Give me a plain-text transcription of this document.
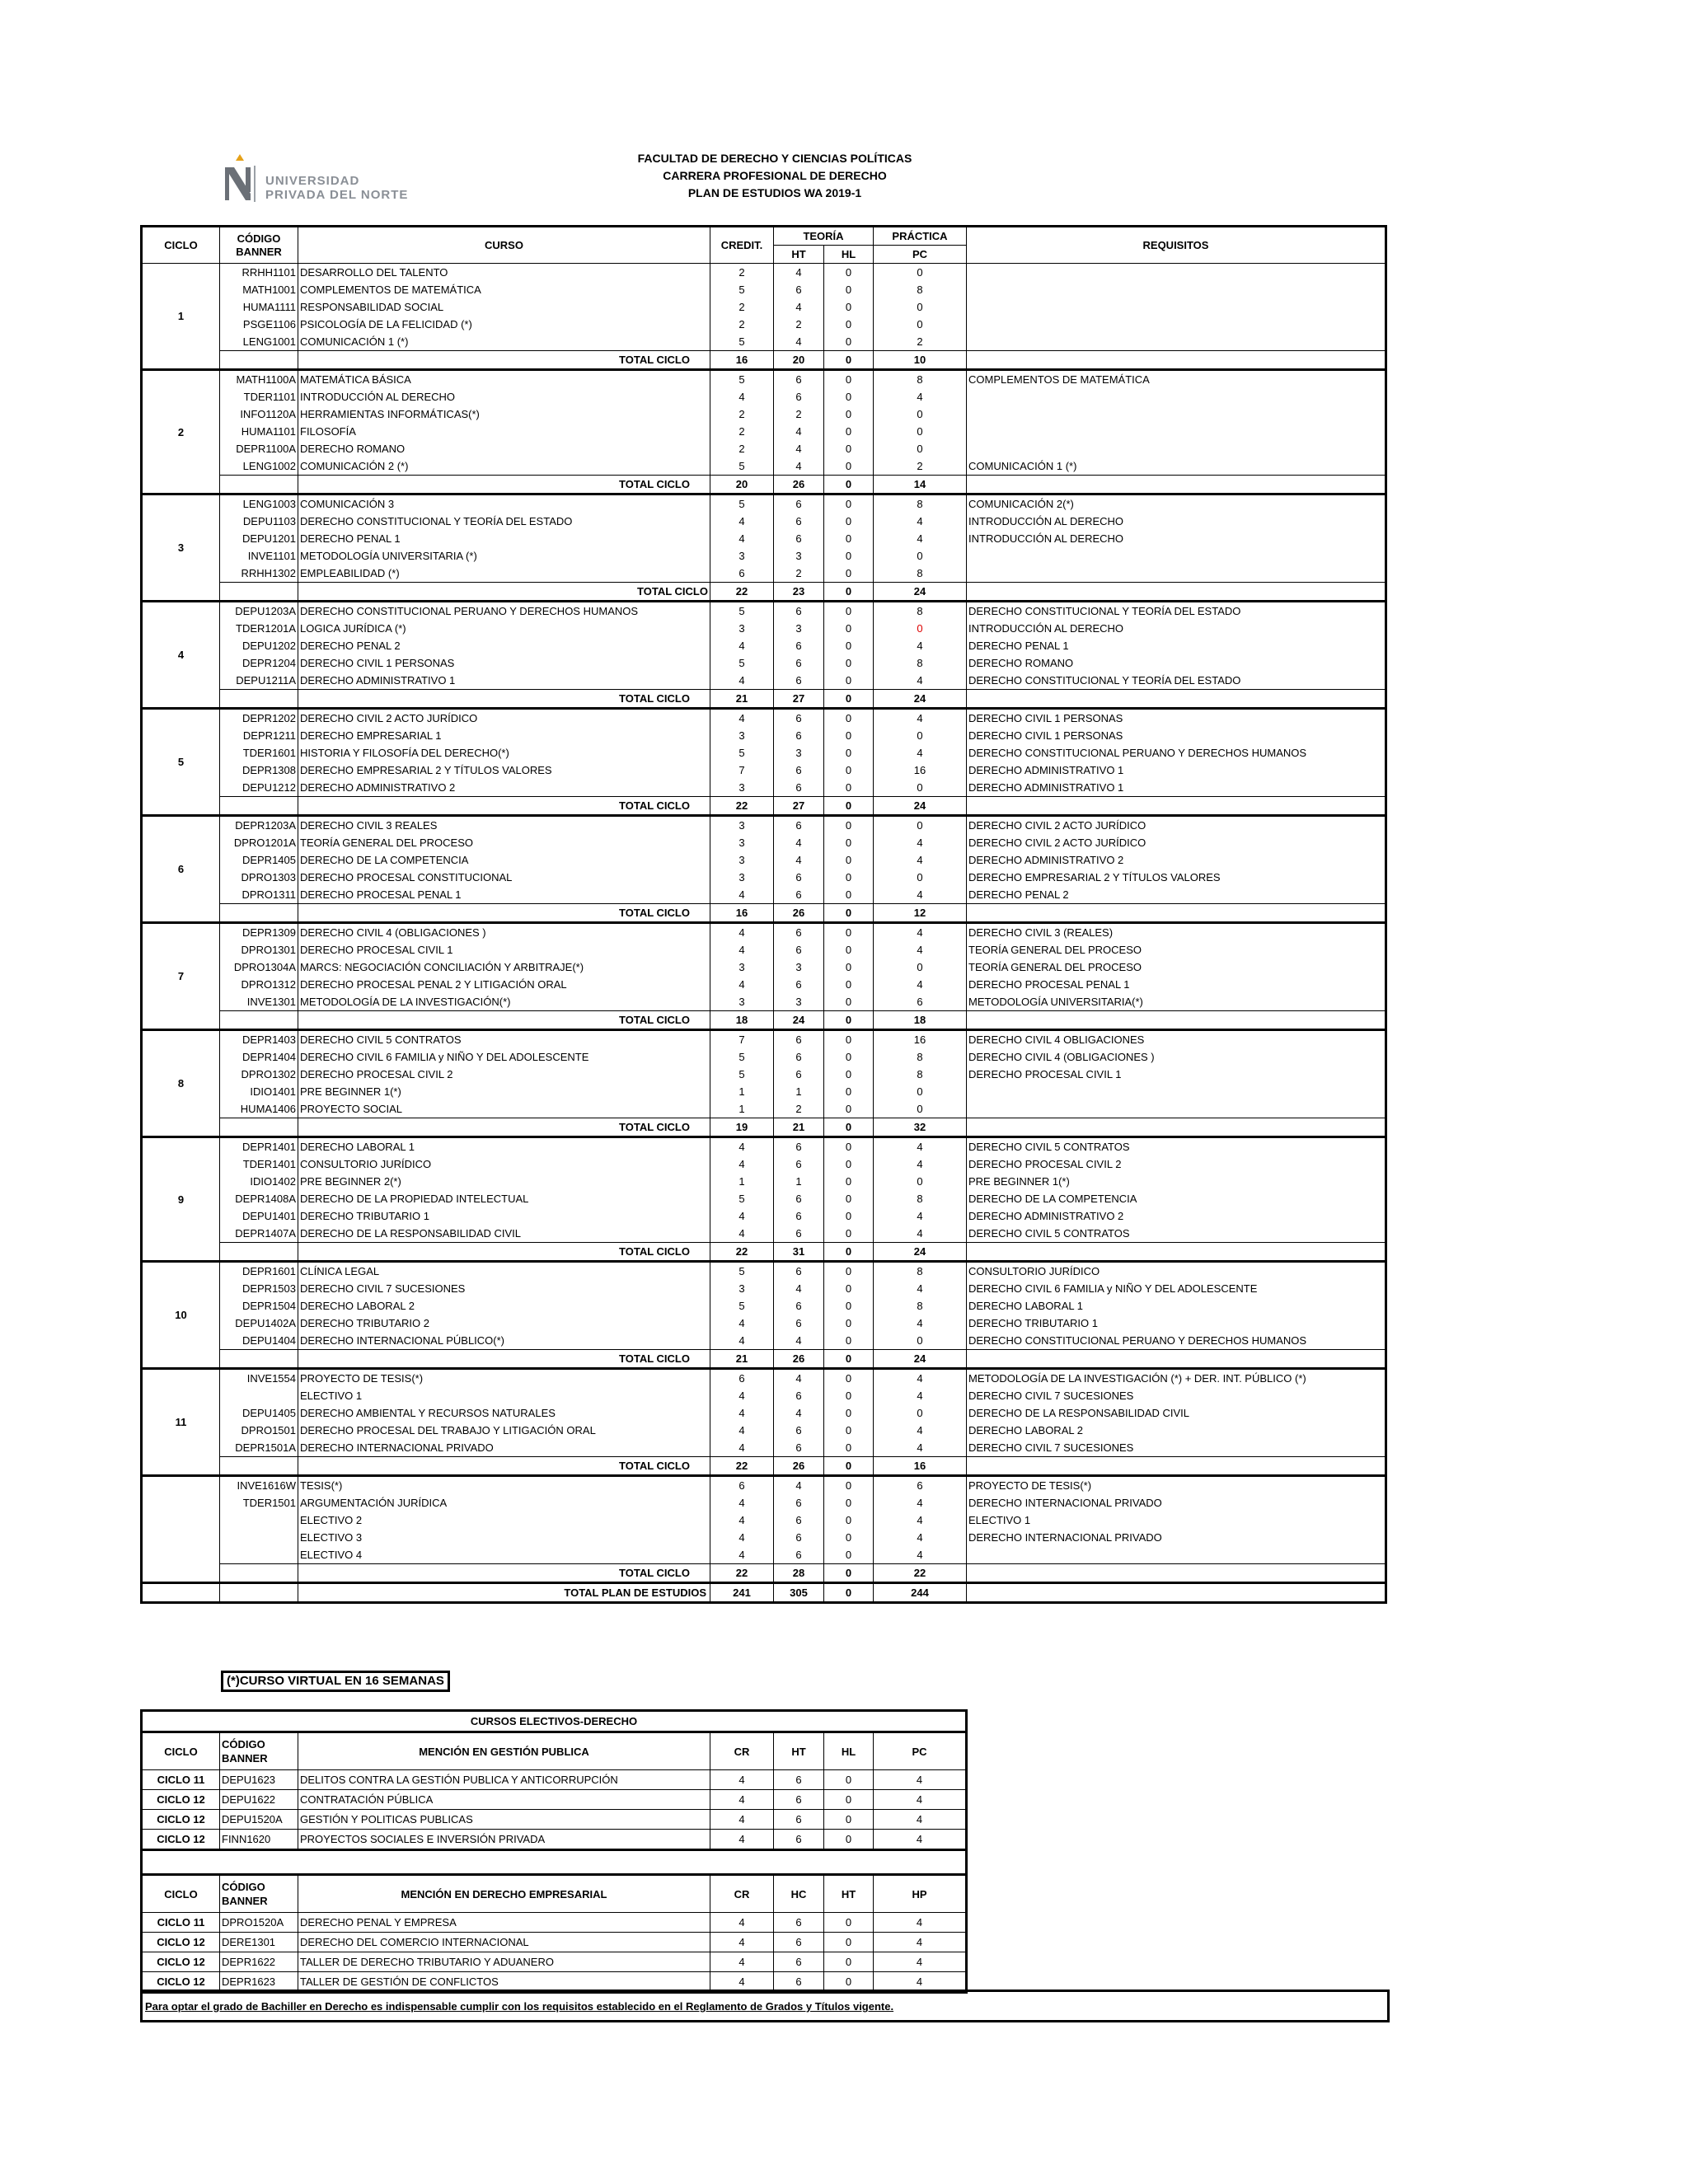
UNIVERSIDAD
PRIVADA DEL NORTE
FACULTAD DE DERECHO Y CIENCIAS POLÍTICAS
CARRERA PROFESIONAL DE DERECHO
PLAN DE ESTUDIOS WA 2019-1
CICLO	CÓDIGO BANNER	CURSO	CREDIT.	TEORÍA		PRÁCTICA	REQUISITOS
				HT	HL	PC	
1	RRHH1101	DESARROLLO DEL TALENTO	2	4	0	0	
	MATH1001	COMPLEMENTOS DE MATEMÁTICA	5	6	0	8	
	HUMA1111	RESPONSABILIDAD SOCIAL	2	4	0	0	
	PSGE1106	PSICOLOGÍA DE LA FELICIDAD (*)	2	2	0	0	
	LENG1001	COMUNICACIÓN 1 (*)	5	4	0	2	
		TOTAL CICLO	16	20	0	10	
2	MATH1100A	MATEMÁTICA BÁSICA	5	6	0	8	COMPLEMENTOS DE MATEMÁTICA
	TDER1101	INTRODUCCIÓN AL DERECHO	4	6	0	4	
	INFO1120A	HERRAMIENTAS INFORMÁTICAS(*)	2	2	0	0	
	HUMA1101	FILOSOFÍA	2	4	0	0	
	DEPR1100A	DERECHO ROMANO	2	4	0	0	
	LENG1002	COMUNICACIÓN 2 (*)	5	4	0	2	COMUNICACIÓN 1 (*)
		TOTAL CICLO	20	26	0	14	
3	LENG1003	COMUNICACIÓN 3	5	6	0	8	COMUNICACIÓN 2(*)
	DEPU1103	DERECHO CONSTITUCIONAL Y TEORÍA DEL ESTADO	4	6	0	4	INTRODUCCIÓN AL DERECHO
	DEPU1201	DERECHO PENAL 1	4	6	0	4	INTRODUCCIÓN AL DERECHO
	INVE1101	METODOLOGÍA UNIVERSITARIA (*)	3	3	0	0	
	RRHH1302	EMPLEABILIDAD (*)	6	2	0	8	
		TOTAL CICLO	22	23	0	24	
4	DEPU1203A	DERECHO CONSTITUCIONAL PERUANO Y DERECHOS HUMANOS	5	6	0	8	DERECHO CONSTITUCIONAL Y TEORÍA DEL ESTADO
	TDER1201A	LOGICA JURÍDICA (*)	3	3	0	0	INTRODUCCIÓN AL DERECHO
	DEPU1202	DERECHO PENAL 2	4	6	0	4	DERECHO PENAL 1
	DEPR1204	DERECHO CIVIL 1 PERSONAS	5	6	0	8	DERECHO ROMANO
	DEPU1211A	DERECHO ADMINISTRATIVO 1	4	6	0	4	DERECHO CONSTITUCIONAL Y TEORÍA DEL ESTADO
		TOTAL CICLO	21	27	0	24	
5	DEPR1202	DERECHO CIVIL 2 ACTO JURÍDICO	4	6	0	4	DERECHO CIVIL 1 PERSONAS
	DEPR1211	DERECHO EMPRESARIAL 1	3	6	0	0	DERECHO CIVIL 1 PERSONAS
	TDER1601	HISTORIA Y FILOSOFÍA DEL DERECHO(*)	5	3	0	4	DERECHO CONSTITUCIONAL PERUANO Y DERECHOS HUMANOS
	DEPR1308	DERECHO EMPRESARIAL 2 Y TÍTULOS VALORES	7	6	0	16	DERECHO ADMINISTRATIVO 1
	DEPU1212	DERECHO ADMINISTRATIVO 2	3	6	0	0	DERECHO ADMINISTRATIVO 1
		TOTAL CICLO	22	27	0	24	
6	DEPR1203A	DERECHO CIVIL 3 REALES	3	6	0	0	DERECHO CIVIL 2 ACTO JURÍDICO
	DPRO1201A	TEORÍA GENERAL DEL PROCESO	3	4	0	4	DERECHO CIVIL 2 ACTO JURÍDICO
	DEPR1405	DERECHO DE LA COMPETENCIA	3	4	0	4	DERECHO ADMINISTRATIVO 2
	DPRO1303	DERECHO PROCESAL CONSTITUCIONAL	3	6	0	0	DERECHO EMPRESARIAL 2 Y TÍTULOS VALORES
	DPRO1311	DERECHO PROCESAL PENAL 1	4	6	0	4	DERECHO PENAL 2
		TOTAL CICLO	16	26	0	12	
7	DEPR1309	DERECHO CIVIL 4 (OBLIGACIONES )	4	6	0	4	DERECHO CIVIL 3 (REALES)
	DPRO1301	DERECHO PROCESAL CIVIL 1	4	6	0	4	TEORÍA GENERAL DEL PROCESO
	DPRO1304A	MARCS: NEGOCIACIÓN CONCILIACIÓN Y ARBITRAJE(*)	3	3	0	0	TEORÍA GENERAL DEL PROCESO
	DPRO1312	DERECHO PROCESAL PENAL 2 Y LITIGACIÓN ORAL	4	6	0	4	DERECHO PROCESAL PENAL 1
	INVE1301	METODOLOGÍA DE LA INVESTIGACIÓN(*)	3	3	0	6	METODOLOGÍA UNIVERSITARIA(*)
		TOTAL CICLO	18	24	0	18	
8	DEPR1403	DERECHO CIVIL 5 CONTRATOS	7	6	0	16	DERECHO CIVIL 4 OBLIGACIONES
	DEPR1404	DERECHO CIVIL 6 FAMILIA y NIÑO Y DEL ADOLESCENTE	5	6	0	8	DERECHO CIVIL 4 (OBLIGACIONES )
	DPRO1302	DERECHO PROCESAL CIVIL 2	5	6	0	8	DERECHO PROCESAL CIVIL 1
	IDIO1401	PRE BEGINNER 1(*)	1	1	0	0	
	HUMA1406	PROYECTO SOCIAL	1	2	0	0	
		TOTAL CICLO	19	21	0	32	
9	DEPR1401	DERECHO LABORAL 1	4	6	0	4	DERECHO CIVIL 5 CONTRATOS
	TDER1401	CONSULTORIO JURÍDICO	4	6	0	4	DERECHO PROCESAL CIVIL 2
	IDIO1402	PRE BEGINNER 2(*)	1	1	0	0	PRE BEGINNER 1(*)
	DEPR1408A	DERECHO DE LA PROPIEDAD INTELECTUAL	5	6	0	8	DERECHO DE LA COMPETENCIA
	DEPU1401	DERECHO TRIBUTARIO 1	4	6	0	4	DERECHO ADMINISTRATIVO 2
	DEPR1407A	DERECHO DE LA RESPONSABILIDAD CIVIL	4	6	0	4	DERECHO CIVIL 5 CONTRATOS
		TOTAL CICLO	22	31	0	24	
10	DEPR1601	CLÍNICA LEGAL	5	6	0	8	CONSULTORIO JURÍDICO
	DEPR1503	DERECHO CIVIL 7 SUCESIONES	3	4	0	4	DERECHO CIVIL 6 FAMILIA y NIÑO Y DEL ADOLESCENTE
	DEPR1504	DERECHO LABORAL 2	5	6	0	8	DERECHO LABORAL 1
	DEPU1402A	DERECHO TRIBUTARIO 2	4	6	0	4	DERECHO TRIBUTARIO 1
	DEPU1404	DERECHO INTERNACIONAL PÚBLICO(*)	4	4	0	0	DERECHO CONSTITUCIONAL PERUANO Y DERECHOS HUMANOS
		TOTAL CICLO	21	26	0	24	
11	INVE1554	PROYECTO DE TESIS(*)	6	4	0	4	METODOLOGÍA DE LA INVESTIGACIÓN (*) + DER. INT. PÚBLICO (*)
		ELECTIVO 1	4	6	0	4	DERECHO CIVIL 7 SUCESIONES
	DEPU1405	DERECHO AMBIENTAL Y RECURSOS NATURALES	4	4	0	0	DERECHO DE LA RESPONSABILIDAD CIVIL
	DPRO1501	DERECHO PROCESAL DEL TRABAJO Y LITIGACIÓN ORAL	4	6	0	4	DERECHO LABORAL 2
	DEPR1501A	DERECHO INTERNACIONAL PRIVADO	4	6	0	4	DERECHO CIVIL 7 SUCESIONES
		TOTAL CICLO	22	26	0	16	
	INVE1616W	TESIS(*)	6	4	0	6	PROYECTO DE TESIS(*)
	TDER1501	ARGUMENTACIÓN JURÍDICA	4	6	0	4	DERECHO INTERNACIONAL PRIVADO
		ELECTIVO 2	4	6	0	4	ELECTIVO 1
		ELECTIVO 3	4	6	0	4	DERECHO INTERNACIONAL PRIVADO
		ELECTIVO 4	4	6	0	4	
		TOTAL CICLO	22	28	0	22	
		TOTAL PLAN DE ESTUDIOS	241	305	0	244	
(*)CURSO VIRTUAL EN 16 SEMANAS
CURSOS ELECTIVOS-DERECHO						
CICLO	CÓDIGO BANNER	MENCIÓN EN GESTIÓN PUBLICA	CR	HT	HL	PC
CICLO 11	DEPU1623	DELITOS CONTRA LA GESTIÓN PUBLICA Y ANTICORRUPCIÓN	4	6	0	4
CICLO 12	DEPU1622	CONTRATACIÓN PÚBLICA	4	6	0	4
CICLO 12	DEPU1520A	GESTIÓN Y POLITICAS PUBLICAS	4	6	0	4
CICLO 12	FINN1620	PROYECTOS SOCIALES E INVERSIÓN PRIVADA	4	6	0	4

CICLO	CÓDIGO BANNER	MENCIÓN EN DERECHO EMPRESARIAL	CR	HC	HT	HP
CICLO 11	DPRO1520A	DERECHO PENAL Y EMPRESA	4	6	0	4
CICLO 12	DERE1301	DERECHO DEL COMERCIO INTERNACIONAL	4	6	0	4
CICLO 12	DEPR1622	TALLER DE DERECHO TRIBUTARIO Y ADUANERO	4	6	0	4
CICLO 12	DEPR1623	TALLER DE GESTIÓN DE CONFLICTOS	4	6	0	4
Para optar el grado de Bachiller en Derecho es indispensable cumplir con los requisitos establecido en el Reglamento de Grados y Títulos vigente.
